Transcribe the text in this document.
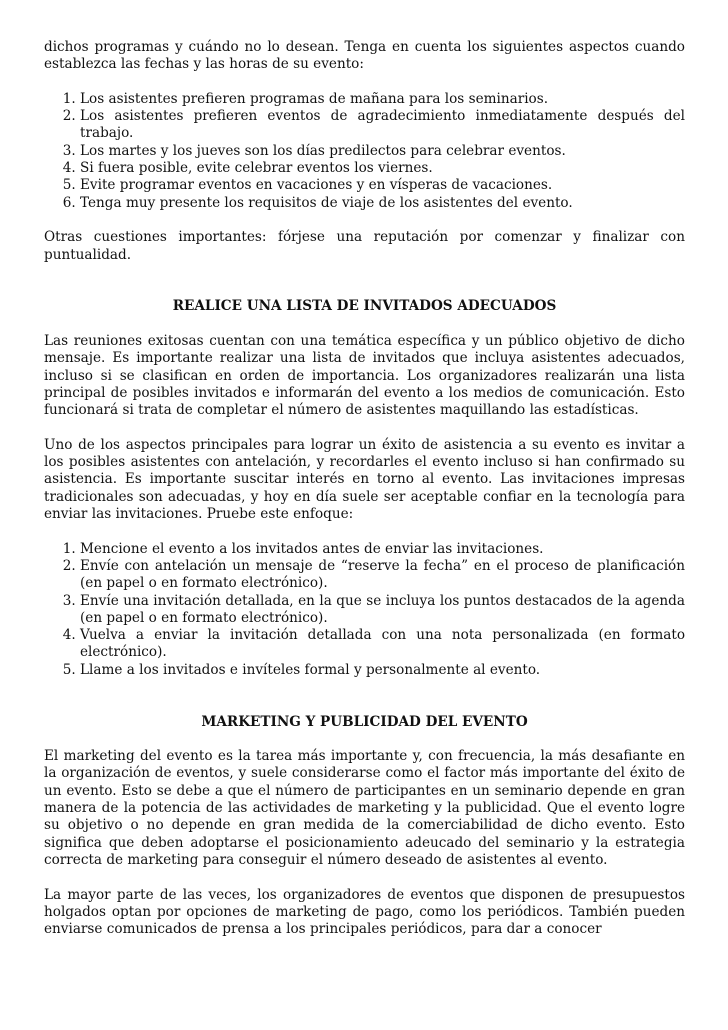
dichos programas y cuándo no lo desean. Tenga en cuenta los siguientes aspectos cuando establezca las fechas y las horas de su evento:

1. Los asistentes prefieren programas de mañana para los seminarios.
2. Los asistentes prefieren eventos de agradecimiento inmediatamente después del trabajo.
3. Los martes y los jueves son los días predilectos para celebrar eventos.
4. Si fuera posible, evite celebrar eventos los viernes.
5. Evite programar eventos en vacaciones y en vísperas de vacaciones.
6. Tenga muy presente los requisitos de viaje de los asistentes del evento.

Otras cuestiones importantes: fórjese una reputación por comenzar y finalizar con puntualidad.

REALICE UNA LISTA DE INVITADOS ADECUADOS

Las reuniones exitosas cuentan con una temática específica y un público objetivo de dicho mensaje. Es importante realizar una lista de invitados que incluya asistentes adecuados, incluso si se clasifican en orden de importancia. Los organizadores realizarán una lista principal de posibles invitados e informarán del evento a los medios de comunicación. Esto funcionará si trata de completar el número de asistentes maquillando las estadísticas.

Uno de los aspectos principales para lograr un éxito de asistencia a su evento es invitar a los posibles asistentes con antelación, y recordarles el evento incluso si han confirmado su asistencia. Es importante suscitar interés en torno al evento. Las invitaciones impresas tradicionales son adecuadas, y hoy en día suele ser aceptable confiar en la tecnología para enviar las invitaciones. Pruebe este enfoque:

1. Mencione el evento a los invitados antes de enviar las invitaciones.
2. Envíe con antelación un mensaje de “reserve la fecha” en el proceso de planificación (en papel o en formato electrónico).
3. Envíe una invitación detallada, en la que se incluya los puntos destacados de la agenda (en papel o en formato electrónico).
4. Vuelva a enviar la invitación detallada con una nota personalizada (en formato electrónico).
5. Llame a los invitados e invíteles formal y personalmente al evento.
MARKETING Y PUBLICIDAD DEL EVENTO

El marketing del evento es la tarea más importante y, con frecuencia, la más desafiante en la organización de eventos, y suele considerarse como el factor más importante del éxito de un evento. Esto se debe a que el número de participantes en un seminario depende en gran manera de la potencia de las actividades de marketing y la publicidad. Que el evento logre su objetivo o no depende en gran medida de la comerciabilidad de dicho evento. Esto significa que deben adoptarse el posicionamiento adeucado del seminario y la estrategia correcta de marketing para conseguir el número deseado de asistentes al evento.

La mayor parte de las veces, los organizadores de eventos que disponen de presupuestos holgados optan por opciones de marketing de pago, como los periódicos. También pueden enviarse comunicados de prensa a los principales periódicos, para dar a conocer
